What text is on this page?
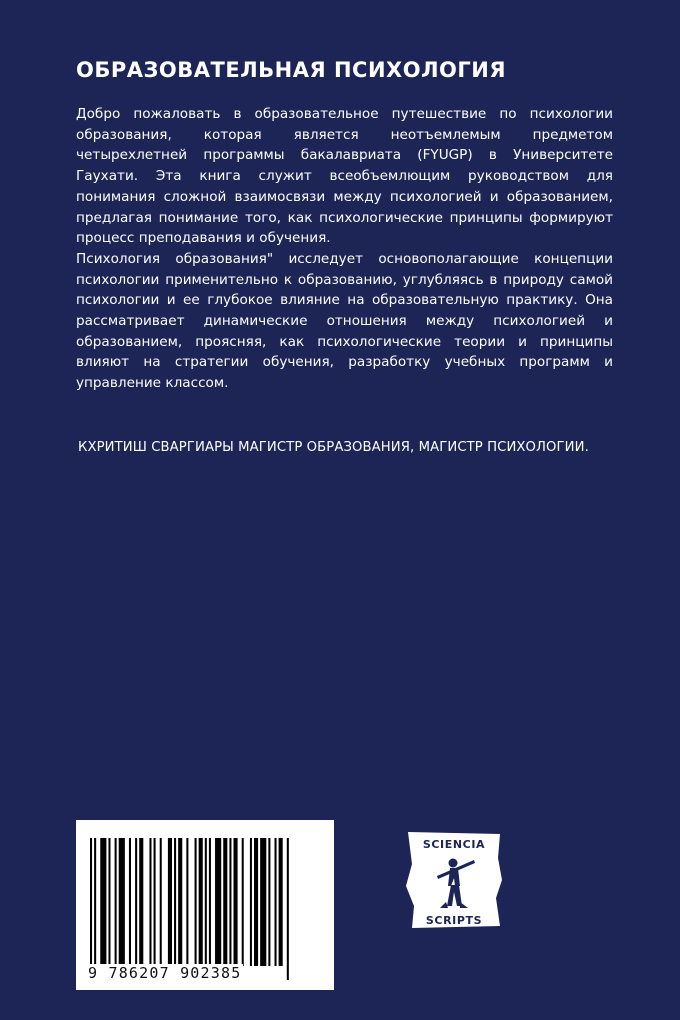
ОБРАЗОВАТЕЛЬНАЯ ПСИХОЛОГИЯ

Добро пожаловать в образовательное путешествие по психологии образования, которая является неотъемлемым предметом четырехлетней программы бакалавриата (FYUGP) в Университете Гаухати. Эта книга служит всеобъемлющим руководством для понимания сложной взаимосвязи между психологией и образованием, предлагая понимание того, как психологические принципы формируют процесс преподавания и обучения.

Психология образования" исследует основополагающие концепции психологии применительно к образованию, углубляясь в природу самой психологии и ее глубокое влияние на образовательную практику. Она рассматривает динамические отношения между психологией и образованием, проясняя, как психологические теории и принципы влияют на стратегии обучения, разработку учебных программ и управление классом.

КХРИТИШ СВАРГИАРЫ МАГИСТР ОБРАЗОВАНИЯ, МАГИСТР ПСИХОЛОГИИ.
9 786207 902385
SCIENCIA
SCRIPTS
